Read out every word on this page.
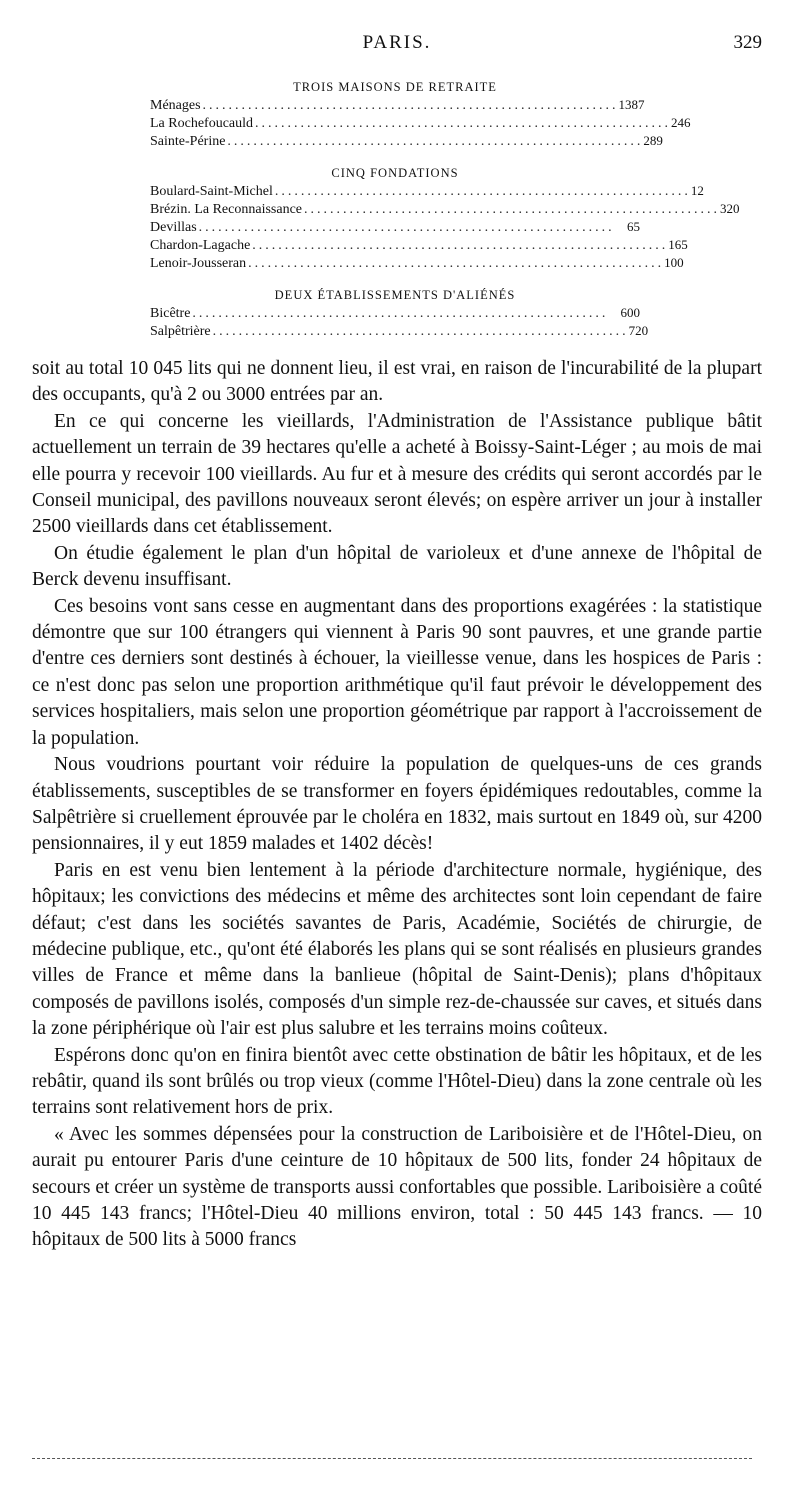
PARIS.	329
TROIS MAISONS DE RETRAITE
Ménages ................................................................ 1387
La Rochefoucauld ................................................................ 246
Sainte-Périne ................................................................ 289
CINQ FONDATIONS
Boulard-Saint-Michel ................................................................ 12
Brézin. La Reconnaissance ................................................................ 320
Devillas ................................................................ 65
Chardon-Lagache ................................................................ 165
Lenoir-Jousseran ................................................................ 100
DEUX ÉTABLISSEMENTS D'ALIÉNÉS
Bicêtre ................................................................ 600
Salpêtrière ................................................................ 720

soit au total 10 045 lits qui ne donnent lieu, il est vrai, en raison de l'incurabilité de la plupart des occupants, qu'à 2 ou 3000 entrées par an.

En ce qui concerne les vieillards, l'Administration de l'Assistance publique bâtit actuellement un terrain de 39 hectares qu'elle a acheté à Boissy-Saint-Léger ; au mois de mai elle pourra y recevoir 100 vieillards. Au fur et à mesure des crédits qui seront accordés par le Conseil municipal, des pavillons nouveaux seront élevés; on espère arriver un jour à installer 2500 vieillards dans cet établissement.

On étudie également le plan d'un hôpital de varioleux et d'une annexe de l'hôpital de Berck devenu insuffisant.

Ces besoins vont sans cesse en augmentant dans des proportions exagérées : la statistique démontre que sur 100 étrangers qui viennent à Paris 90 sont pauvres, et une grande partie d'entre ces derniers sont destinés à échouer, la vieillesse venue, dans les hospices de Paris : ce n'est donc pas selon une proportion arithmétique qu'il faut prévoir le développement des services hospitaliers, mais selon une proportion géométrique par rapport à l'accroissement de la population.

Nous voudrions pourtant voir réduire la population de quelques-uns de ces grands établissements, susceptibles de se transformer en foyers épidémiques redoutables, comme la Salpêtrière si cruellement éprouvée par le choléra en 1832, mais surtout en 1849 où, sur 4200 pensionnaires, il y eut 1859 malades et 1402 décès!

Paris en est venu bien lentement à la période d'architecture normale, hygiénique, des hôpitaux; les convictions des médecins et même des architectes sont loin cependant de faire défaut; c'est dans les sociétés savantes de Paris, Académie, Sociétés de chirurgie, de médecine publique, etc., qu'ont été élaborés les plans qui se sont réalisés en plusieurs grandes villes de France et même dans la banlieue (hôpital de Saint-Denis); plans d'hôpitaux composés de pavillons isolés, composés d'un simple rez-de-chaussée sur caves, et situés dans la zone périphérique où l'air est plus salubre et les terrains moins coûteux.

Espérons donc qu'on en finira bientôt avec cette obstination de bâtir les hôpitaux, et de les rebâtir, quand ils sont brûlés ou trop vieux (comme l'Hôtel-Dieu) dans la zone centrale où les terrains sont relativement hors de prix.

« Avec les sommes dépensées pour la construction de Lariboisière et de l'Hôtel-Dieu, on aurait pu entourer Paris d'une ceinture de 10 hôpitaux de 500 lits, fonder 24 hôpitaux de secours et créer un système de transports aussi confortables que possible. Lariboisière a coûté 10 445 143 francs; l'Hôtel-Dieu 40 millions environ, total : 50 445 143 francs. — 10 hôpitaux de 500 lits à 5000 francs
